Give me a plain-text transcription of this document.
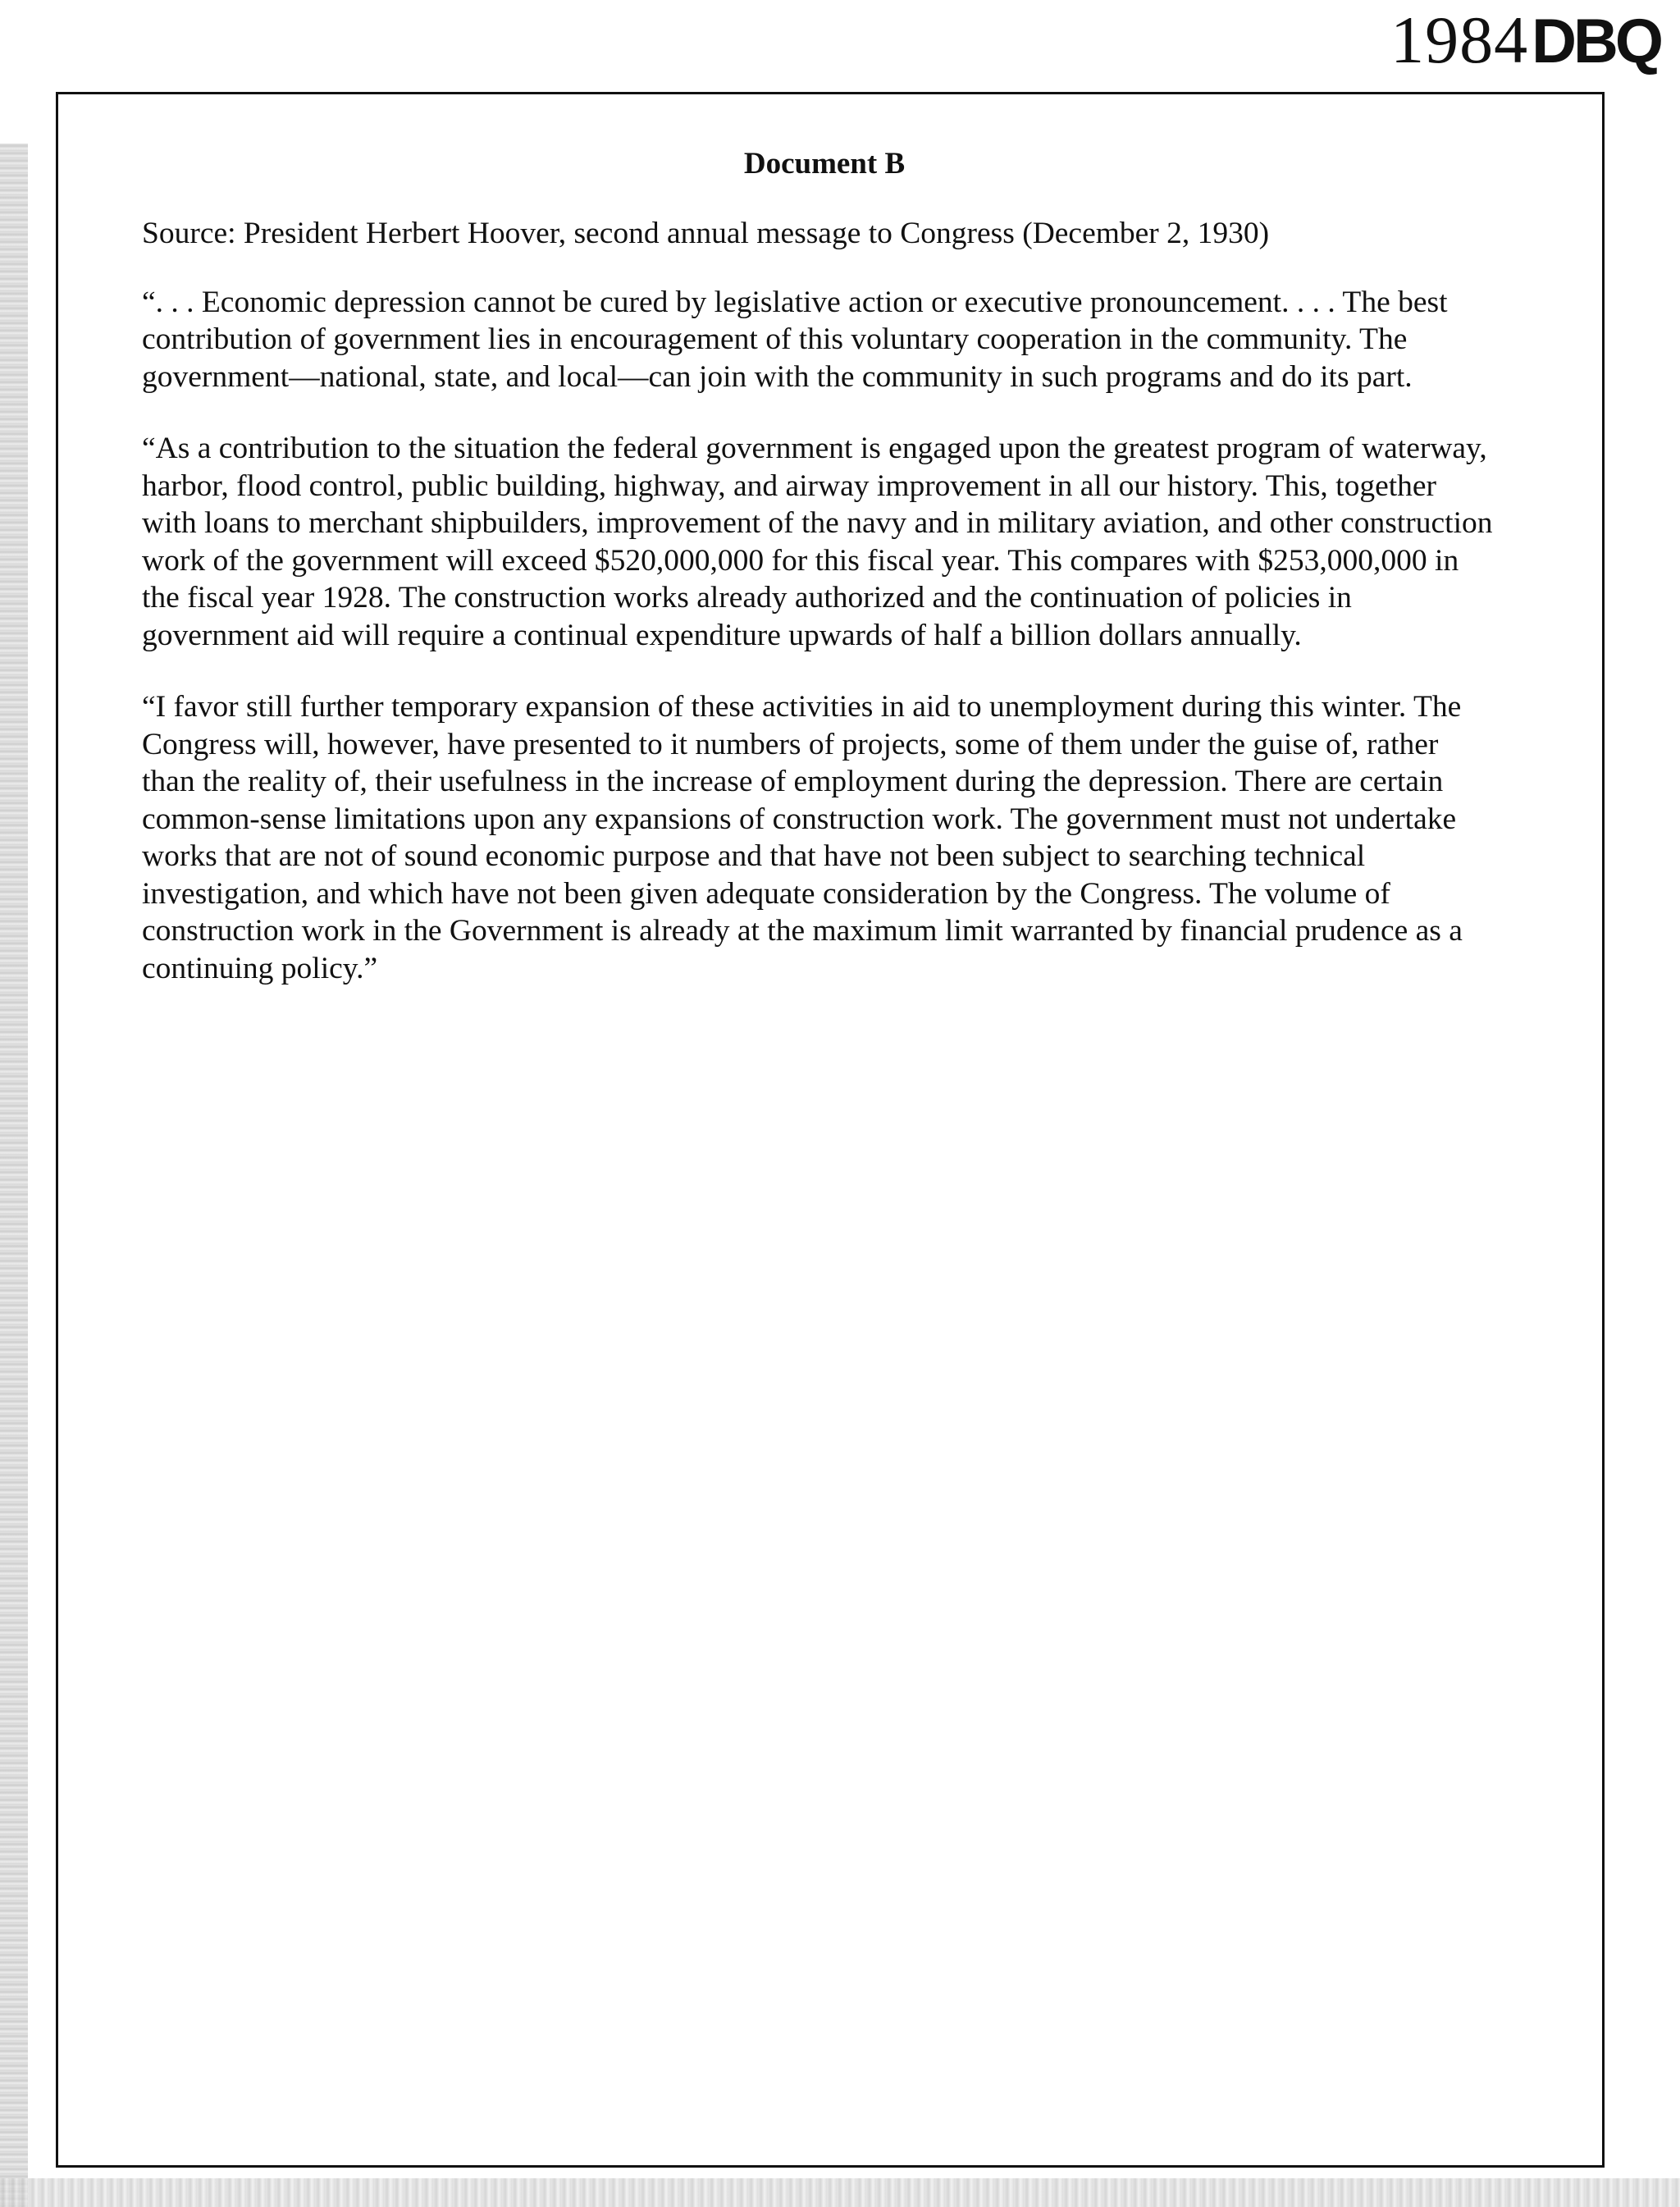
1984DBQ
Document B

Source: President Herbert Hoover, second annual message to Congress (December 2, 1930)

“. . . Economic depression cannot be cured by legislative action or executive pronouncement. . . . The best contribution of government lies in encouragement of this voluntary cooperation in the community. The government—national, state, and local—can join with the community in such programs and do its part.

“As a contribution to the situation the federal government is engaged upon the greatest program of waterway, harbor, flood control, public building, highway, and airway improvement in all our history. This, together with loans to merchant shipbuilders, improvement of the navy and in military aviation, and other construction work of the government will exceed $520,000,000 for this fiscal year. This compares with $253,000,000 in the fiscal year 1928. The construction works already authorized and the continuation of policies in government aid will require a continual expenditure upwards of half a billion dollars annually.

“I favor still further temporary expansion of these activities in aid to unemployment during this winter. The Congress will, however, have presented to it numbers of projects, some of them under the guise of, rather than the reality of, their usefulness in the increase of employment during the depression. There are certain common-sense limitations upon any expansions of construction work. The government must not undertake works that are not of sound economic purpose and that have not been subject to searching technical investigation, and which have not been given adequate consideration by the Congress. The volume of construction work in the Government is already at the maximum limit warranted by financial prudence as a continuing policy.”
